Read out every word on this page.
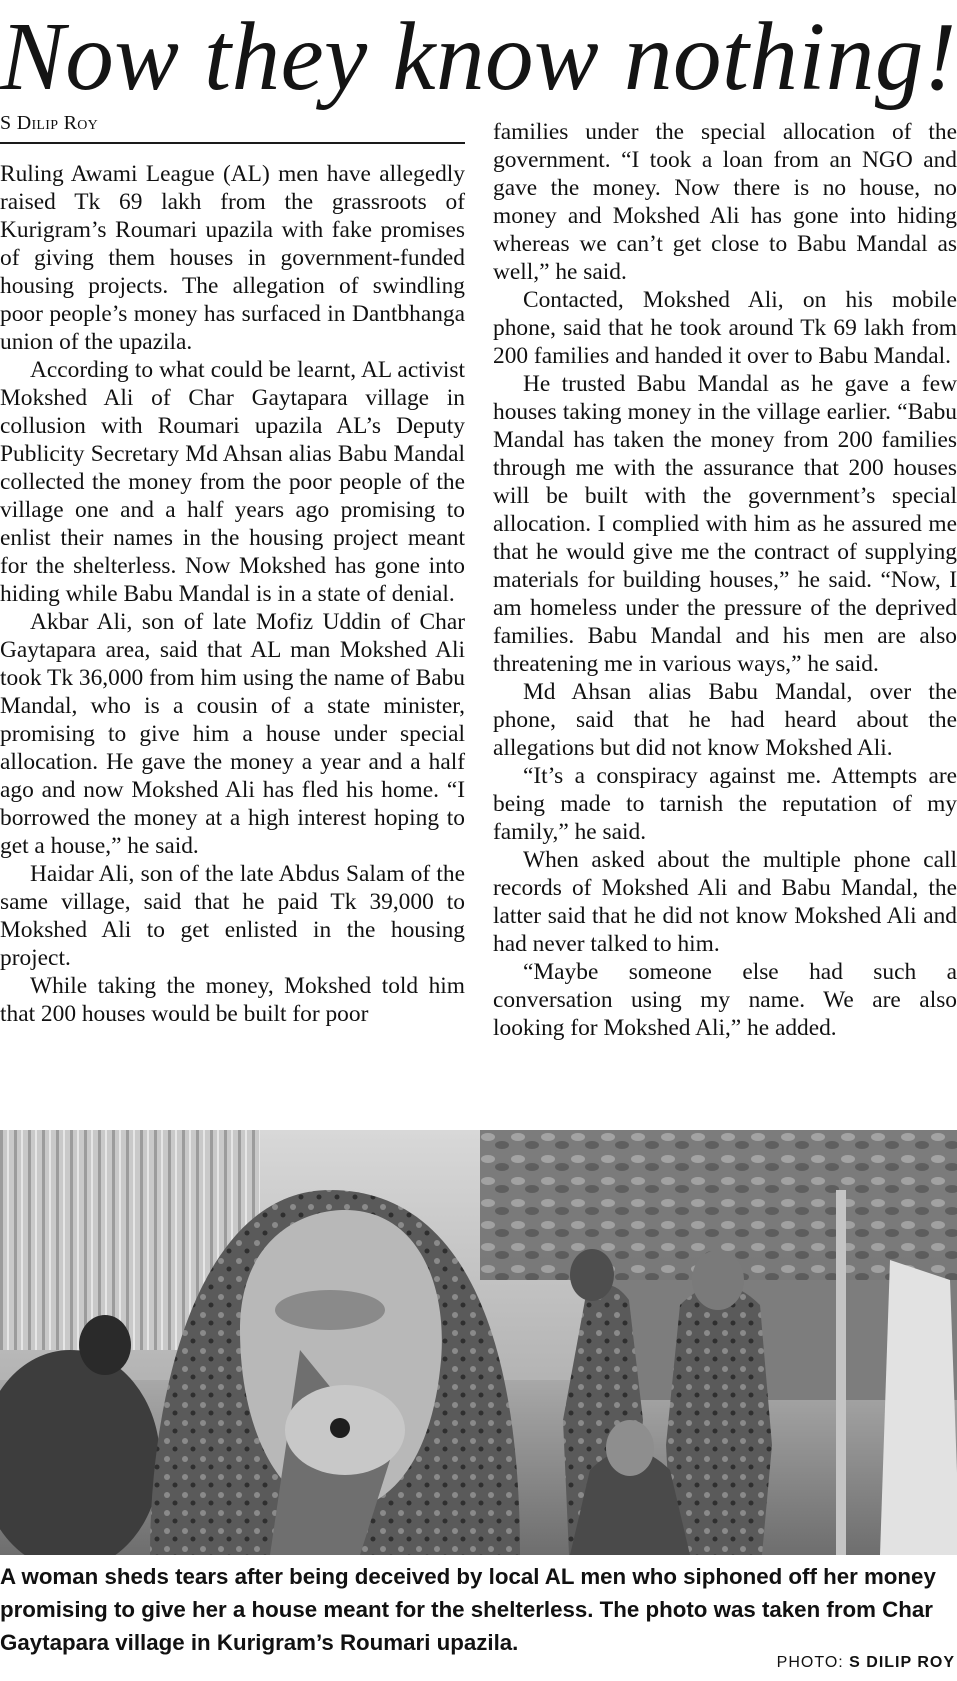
Now they know nothing!
S Dilip Roy

Ruling Awami League (AL) men have allegedly raised Tk 69 lakh from the grassroots of Kurigram’s Roumari upazila with fake promises of giving them houses in government-funded housing projects. The allegation of swindling poor people’s money has surfaced in Dantbhanga union of the upazila.

According to what could be learnt, AL activist Mokshed Ali of Char Gaytapara village in collusion with Roumari upazila AL’s Deputy Publicity Secretary Md Ahsan alias Babu Mandal collected the money from the poor people of the village one and a half years ago promising to enlist their names in the housing project meant for the shelterless. Now Mokshed has gone into hiding while Babu Mandal is in a state of denial.

Akbar Ali, son of late Mofiz Uddin of Char Gaytapara area, said that AL man Mokshed Ali took Tk 36,000 from him using the name of Babu Mandal, who is a cousin of a state minister, promising to give him a house under special allocation. He gave the money a year and a half ago and now Mokshed Ali has fled his home. “I borrowed the money at a high interest hoping to get a house,” he said.

Haidar Ali, son of the late Abdus Salam of the same village, said that he paid Tk 39,000 to Mokshed Ali to get enlisted in the housing project.

While taking the money, Mokshed told him that 200 houses would be built for poor

families under the special allocation of the government. “I took a loan from an NGO and gave the money. Now there is no house, no money and Mokshed Ali has gone into hiding whereas we can’t get close to Babu Mandal as well,” he said.

Contacted, Mokshed Ali, on his mobile phone, said that he took around Tk 69 lakh from 200 families and handed it over to Babu Mandal.

He trusted Babu Mandal as he gave a few houses taking money in the village earlier. “Babu Mandal has taken the money from 200 families through me with the assurance that 200 houses will be built with the government’s special allocation. I complied with him as he assured me that he would give me the contract of supplying materials for building houses,” he said. “Now, I am homeless under the pressure of the deprived families. Babu Mandal and his men are also threatening me in various ways,” he said.

Md Ahsan alias Babu Mandal, over the phone, said that he had heard about the allegations but did not know Mokshed Ali.

“It’s a conspiracy against me. Attempts are being made to tarnish the reputation of my family,” he said.

When asked about the multiple phone call records of Mokshed Ali and Babu Mandal, the latter said that he did not know Mokshed Ali and had never talked to him.

“Maybe someone else had such a conversation using my name. We are also looking for Mokshed Ali,” he added.

A woman sheds tears after being deceived by local AL men who siphoned off her money promising to give her a house meant for the shelterless. The photo was taken from Char Gaytapara village in Kurigram’s Roumari upazila.
PHOTO: S DILIP ROY
